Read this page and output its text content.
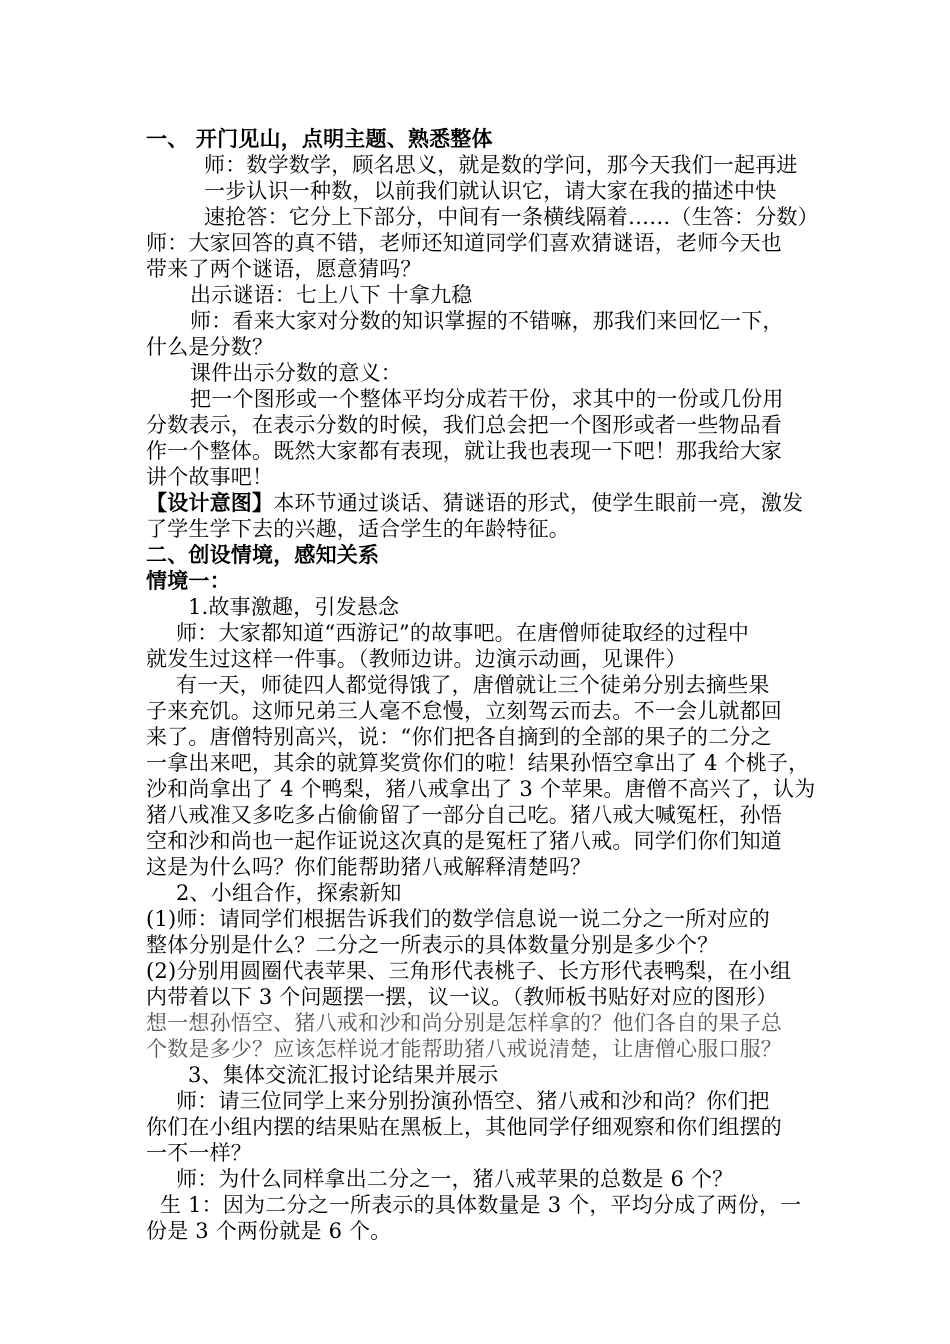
一、 开门见山，点明主题、熟悉整体
师：数学数学，顾名思义，就是数的学问，那今天我们一起再进
一步认识一种数，以前我们就认识它，请大家在我的描述中快
速抢答：它分上下部分，中间有一条横线隔着……（生答：分数）
师：大家回答的真不错，老师还知道同学们喜欢猜谜语，老师今天也
带来了两个谜语，愿意猜吗？
出示谜语：七上八下 十拿九稳
师：看来大家对分数的知识掌握的不错嘛，那我们来回忆一下，
什么是分数？
课件出示分数的意义：
把一个图形或一个整体平均分成若干份，求其中的一份或几份用
分数表示，在表示分数的时候，我们总会把一个图形或者一些物品看
作一个整体。既然大家都有表现，就让我也表现一下吧！那我给大家
讲个故事吧！
【设计意图】本环节通过谈话、猜谜语的形式，使学生眼前一亮，激发
了学生学下去的兴趣，适合学生的年龄特征。
二、创设情境，感知关系
情境一：
1.故事激趣，引发悬念
师：大家都知道“西游记”的故事吧。在唐僧师徒取经的过程中
就发生过这样一件事。（教师边讲。边演示动画，见课件）
有一天，师徒四人都觉得饿了，唐僧就让三个徒弟分别去摘些果
子来充饥。这师兄弟三人毫不怠慢，立刻驾云而去。不一会儿就都回
来了。唐僧特别高兴，说：“你们把各自摘到的全部的果子的二分之
一拿出来吧，其余的就算奖赏你们的啦！结果孙悟空拿出了 4 个桃子，
沙和尚拿出了 4 个鸭梨，猪八戒拿出了 3 个苹果。唐僧不高兴了，认为
猪八戒准又多吃多占偷偷留了一部分自己吃。猪八戒大喊冤枉，孙悟
空和沙和尚也一起作证说这次真的是冤枉了猪八戒。同学们你们知道
这是为什么吗？你们能帮助猪八戒解释清楚吗？
2、小组合作，探索新知
(1)师：请同学们根据告诉我们的数学信息说一说二分之一所对应的
整体分别是什么？二分之一所表示的具体数量分别是多少个？
(2)分别用圆圈代表苹果、三角形代表桃子、长方形代表鸭梨，在小组
内带着以下 3 个问题摆一摆，议一议。（教师板书贴好对应的图形）
想一想孙悟空、猪八戒和沙和尚分别是怎样拿的？他们各自的果子总
个数是多少？应该怎样说才能帮助猪八戒说清楚，让唐僧心服口服？
3、集体交流汇报讨论结果并展示
师：请三位同学上来分别扮演孙悟空、猪八戒和沙和尚？你们把
你们在小组内摆的结果贴在黑板上，其他同学仔细观察和你们组摆的
一不一样？
师：为什么同样拿出二分之一，猪八戒苹果的总数是 6 个？
生 1：因为二分之一所表示的具体数量是 3 个，平均分成了两份，一
份是 3 个两份就是 6 个。
